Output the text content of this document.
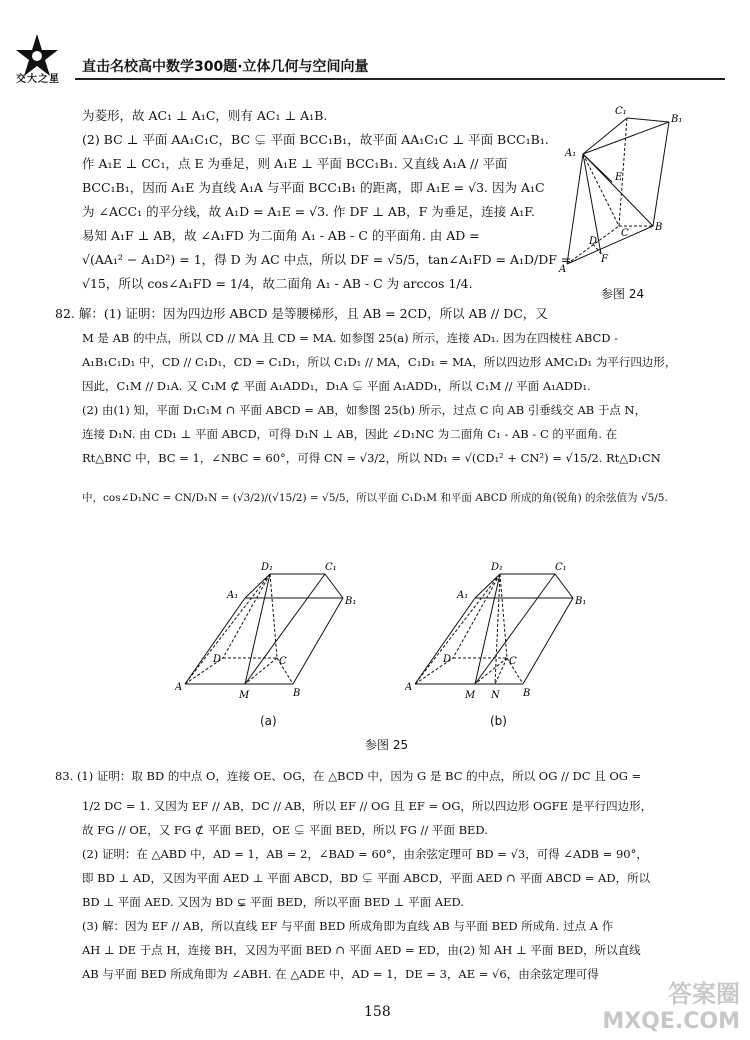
交大之星
直击名校高中数学300题·立体几何与空间向量
为菱形，故 AC₁ ⊥ A₁C，则有 AC₁ ⊥ A₁B.
(2) BC ⊥ 平面 AA₁C₁C，BC ⊊ 平面 BCC₁B₁，故平面 AA₁C₁C ⊥ 平面 BCC₁B₁.
作 A₁E ⊥ CC₁，点 E 为垂足，则 A₁E ⊥ 平面 BCC₁B₁. 又直线 A₁A // 平面
BCC₁B₁，因而 A₁E 为直线 A₁A 与平面 BCC₁B₁ 的距离，即 A₁E = √3. 因为 A₁C
为 ∠ACC₁ 的平分线，故 A₁D = A₁E = √3. 作 DF ⊥ AB，F 为垂足，连接 A₁F.
易知 A₁F ⊥ AB，故 ∠A₁FD 为二面角 A₁ - AB - C 的平面角. 由 AD =
√(AA₁² − A₁D²) = 1，得 D 为 AC 中点，所以 DF = √5/5，tan∠A₁FD = A₁D/DF =
√15，所以 cos∠A₁FD = 1/4，故二面角 A₁ - AB - C 为 arccos 1/4.
82. 解：(1) 证明：因为四边形 ABCD 是等腰梯形，且 AB = 2CD，所以 AB // DC，又
M 是 AB 的中点，所以 CD // MA 且 CD = MA. 如参图 25(a) 所示，连接 AD₁. 因为在四棱柱 ABCD -
A₁B₁C₁D₁ 中，CD // C₁D₁，CD = C₁D₁，所以 C₁D₁ // MA，C₁D₁ = MA，所以四边形 AMC₁D₁ 为平行四边形，
因此，C₁M // D₁A. 又 C₁M ⊄ 平面 A₁ADD₁，D₁A ⊊ 平面 A₁ADD₁，所以 C₁M // 平面 A₁ADD₁.
(2) 由(1) 知，平面 D₁C₁M ∩ 平面 ABCD = AB，如参图 25(b) 所示，过点 C 向 AB 引垂线交 AB 于点 N，
连接 D₁N. 由 CD₁ ⊥ 平面 ABCD，可得 D₁N ⊥ AB，因此 ∠D₁NC 为二面角 C₁ - AB - C 的平面角. 在
Rt△BNC 中，BC = 1，∠NBC = 60°，可得 CN = √3/2，所以 ND₁ = √(CD₁² + CN²) = √15/2. Rt△D₁CN
中，cos∠D₁NC = CN/D₁N = (√3/2)/(√15/2) = √5/5，所以平面 C₁D₁M 和平面 ABCD 所成的角(锐角) 的余弦值为 √5/5.
C₁
B₁
A₁
E
C
B
D
F
A
参图 24
D₁	C₁
A₁
B₁
D	C
A
M	B
(a)
D₁	C₁
A₁
B₁
D	C
A
M N B
(b)
参图 25
83. (1) 证明：取 BD 的中点 O，连接 OE、OG，在 △BCD 中，因为 G 是 BC 的中点，所以 OG // DC 且 OG =
1/2 DC = 1. 又因为 EF // AB，DC // AB，所以 EF // OG 且 EF = OG，所以四边形 OGFE 是平行四边形，
故 FG // OE，又 FG ⊄ 平面 BED，OE ⊊ 平面 BED，所以 FG // 平面 BED.
(2) 证明：在 △ABD 中，AD = 1，AB = 2，∠BAD = 60°，由余弦定理可 BD = √3，可得 ∠ADB = 90°，
即 BD ⊥ AD，又因为平面 AED ⊥ 平面 ABCD，BD ⊊ 平面 ABCD，平面 AED ∩ 平面 ABCD = AD，所以
BD ⊥ 平面 AED. 又因为 BD ⊊ 平面 BED，所以平面 BED ⊥ 平面 AED.
(3) 解：因为 EF // AB，所以直线 EF 与平面 BED 所成角即为直线 AB 与平面 BED 所成角. 过点 A 作
AH ⊥ DE 于点 H，连接 BH，又因为平面 BED ∩ 平面 AED = ED，由(2) 知 AH ⊥ 平面 BED，所以直线
AB 与平面 BED 所成角即为 ∠ABH. 在 △ADE 中，AD = 1，DE = 3，AE = √6，由余弦定理可得
158
答案圈
MXQE.COM
